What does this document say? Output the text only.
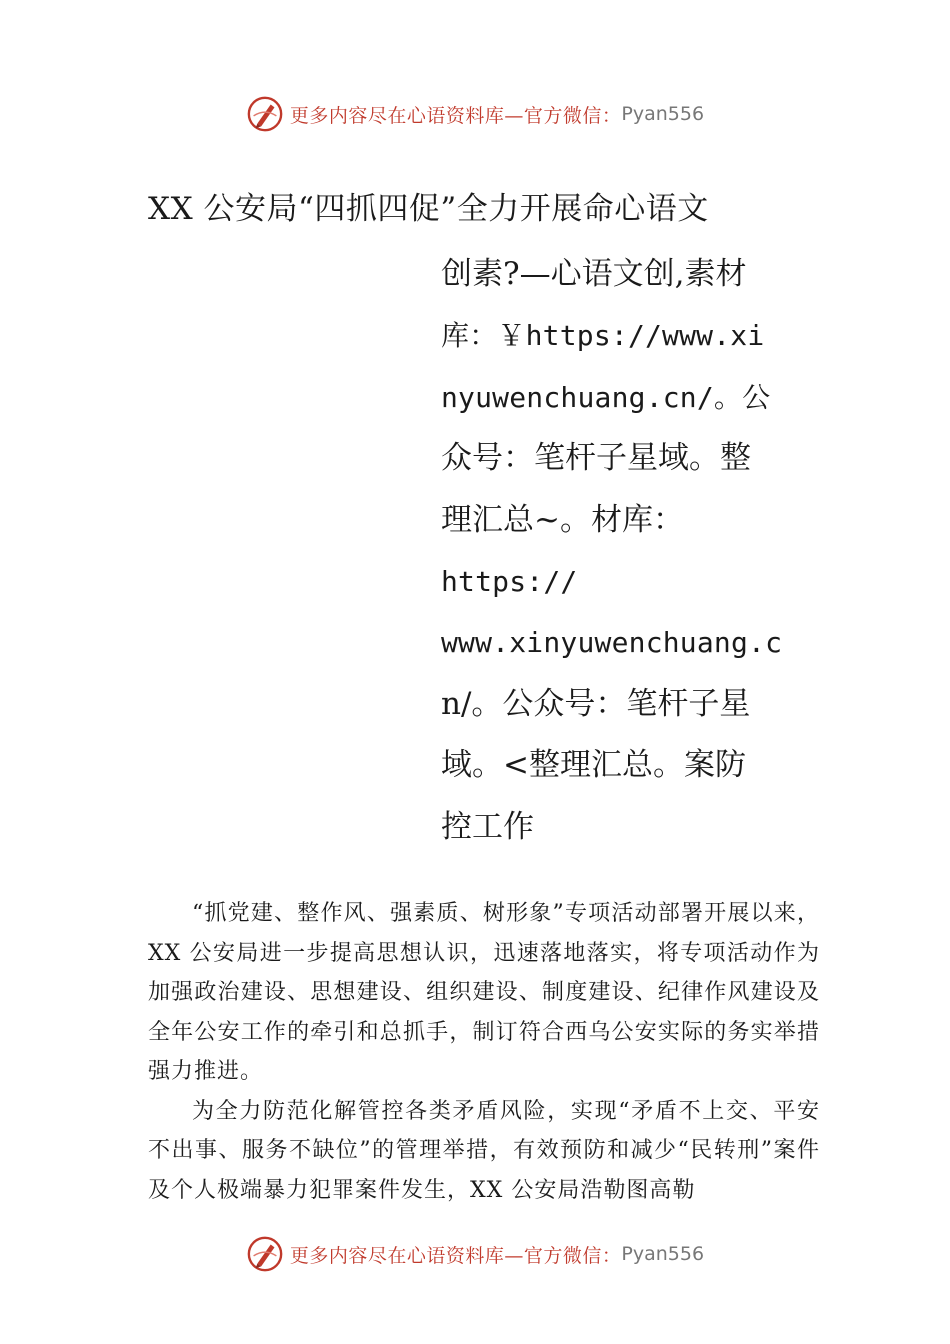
更多内容尽在心语资料库—官方微信： Pyan556
XX 公安局“四抓四促”全力开展命心语文
创素?—心语文创,素材
库：￥https://www.xi
nyuwenchuang.cn/。公
众号：笔杆子星域。整
理汇总~。材库：
https://
www.xinyuwenchuang.c
n/。公众号：笔杆子星
域。<整理汇总。案防
控工作

“抓党建、整作风、强素质、树形象”专项活动部署开展以来，XX 公安局进一步提高思想认识，迅速落地落实，将专项活动作为加强政治建设、思想建设、组织建设、制度建设、纪律作风建设及全年公安工作的牵引和总抓手，制订符合西乌公安实际的务实举措强力推进。

为全力防范化解管控各类矛盾风险，实现“矛盾不上交、平安不出事、服务不缺位”的管理举措，有效预防和减少“民转刑”案件及个人极端暴力犯罪案件发生，XX 公安局浩勒图高勒

更多内容尽在心语资料库—官方微信： Pyan556
